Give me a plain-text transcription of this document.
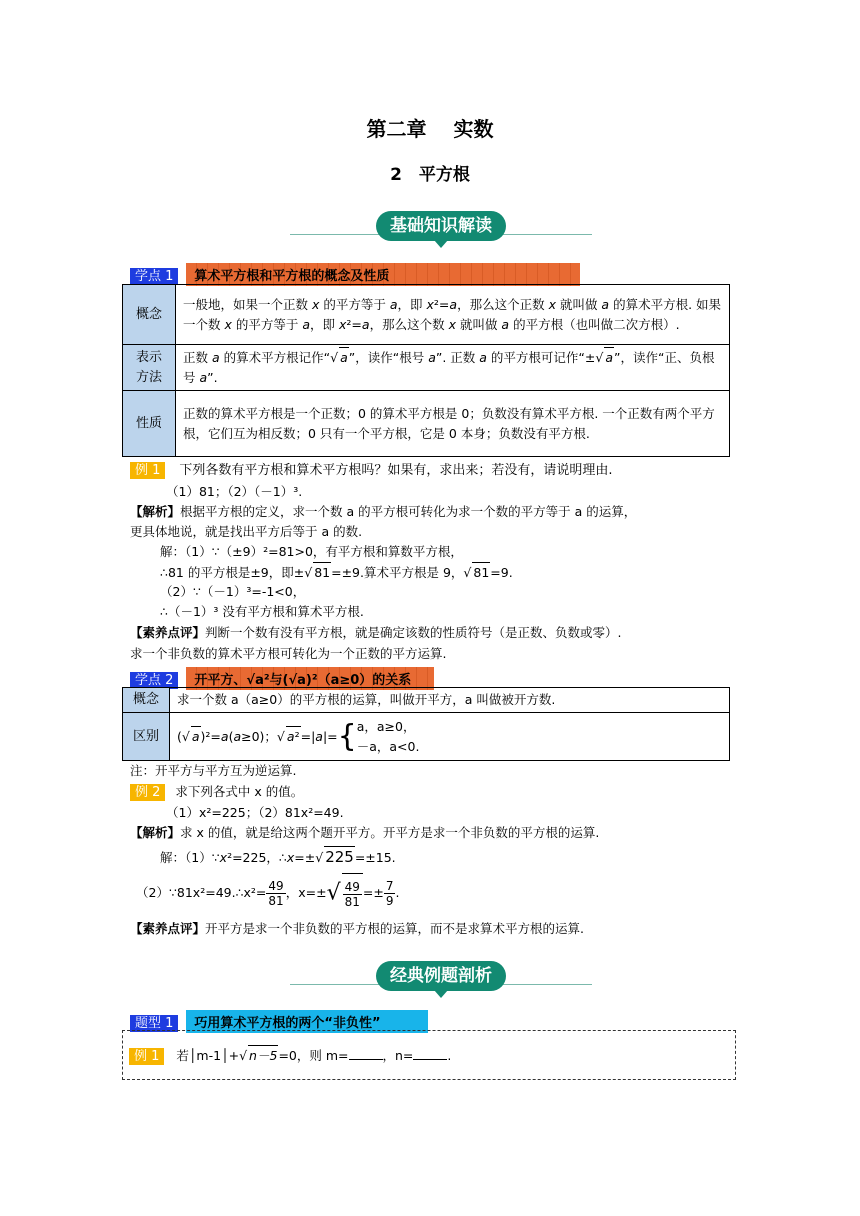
第二章　 实数
2　平方根
基础知识解读
学点 1 算术平方根和平方根的概念及性质
概念	一般地，如果一个正数 x 的平方等于 a，即 x²=a，那么这个正数 x 就叫做 a 的算术平方根. 如果一个数 x 的平方等于 a，即 x²=a，那么这个数 x 就叫做 a 的平方根（也叫做二次方根）.
表示
方法	正数 a 的算术平方根记作“√ a”，读作“根号 a”. 正数 a 的平方根可记作“±√ a”，读作“正、负根号 a”.
性质	正数的算术平方根是一个正数；0 的算术平方根是 0；负数没有算术平方根. 一个正数有两个平方根，它们互为相反数；0 只有一个平方根，它是 0 本身；负数没有平方根.
例 1 下列各数有平方根和算术平方根吗？如果有，求出来；若没有，请说明理由.
（1）81；（2）（－1）³.
【解析】根据平方根的定义，求一个数 a 的平方根可转化为求一个数的平方等于 a 的运算，
更具体地说，就是找出平方后等于 a 的数.
解：（1）∵（±9）²=81>0，有平方根和算数平方根，
∴81 的平方根是±9，即±√ 81=±9.算术平方根是 9，√ 81=9.
（2）∵（－1）³=-1<0，
∴（－1）³ 没有平方根和算术平方根.
【素养点评】判断一个数有没有平方根，就是确定该数的性质符号（是正数、负数或零）.
求一个非负数的算术平方根可转化为一个正数的平方运算.
学点 2 开平方、√a²与(√a)²（a≥0）的关系
概念	求一个数 a（a≥0）的平方根的运算，叫做开平方，a 叫做被开方数.
区别	(√ a)²=a(a≥0)；√ a²=|a|={a，a≥0，
－a，a<0.
注：开平方与平方互为逆运算.
例 2 求下列各式中 x 的值。
（1）x²=225；（2）81x²=49.
【解析】求 x 的值，就是给这两个题开平方。开平方是求一个非负数的平方根的运算.
解：（1）∵x²=225，∴x=±√ 225=±15.
（2）∵81x²=49.∴x²= $\frac{49}{81}$ ，$x=\pm√ \frac{49}{81} =\pm \frac{7}{9}$ .
【素养点评】开平方是求一个非负数的平方根的运算，而不是求算术平方根的运算.
经典例题剖析
题型 1 巧用算术平方根的两个“非负性”
例 1 若│m-1│+√ n－5=0，则 m=	，n=	.
